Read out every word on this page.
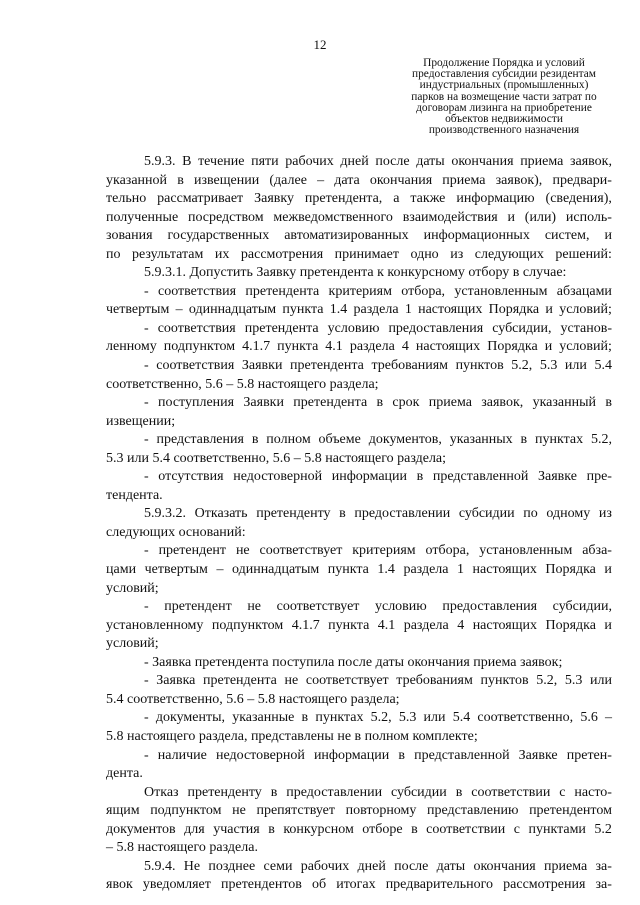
12
Продолжение Порядка и условий
предоставления субсидии резидентам
индустриальных (промышленных)
парков на возмещение части затрат по
договорам лизинга на приобретение
объектов недвижимости
производственного назначения
5.9.3. В течение пяти рабочих дней после даты окончания приема заявок,
указанной в извещении (далее – дата окончания приема заявок), предвари-
тельно рассматривает Заявку претендента, а также информацию (сведения),
полученные посредством межведомственного взаимодействия и (или) исполь-
зования государственных автоматизированных информационных систем, и
по результатам их рассмотрения принимает одно из следующих решений:
5.9.3.1. Допустить Заявку претендента к конкурсному отбору в случае:
- соответствия претендента критериям отбора, установленным абзацами
четвертым – одиннадцатым пункта 1.4 раздела 1 настоящих Порядка и условий;
- соответствия претендента условию предоставления субсидии, установ-
ленному подпунктом 4.1.7 пункта 4.1 раздела 4 настоящих Порядка и условий;
- соответствия Заявки претендента требованиям пунктов 5.2, 5.3 или 5.4
соответственно, 5.6 – 5.8 настоящего раздела;
- поступления Заявки претендента в срок приема заявок, указанный в
извещении;
- представления в полном объеме документов, указанных в пунктах 5.2,
5.3 или 5.4 соответственно, 5.6 – 5.8 настоящего раздела;
- отсутствия недостоверной информации в представленной Заявке пре-
тендента.
5.9.3.2. Отказать претенденту в предоставлении субсидии по одному из
следующих оснований:
- претендент не соответствует критериям отбора, установленным абза-
цами четвертым – одиннадцатым пункта 1.4 раздела 1 настоящих Порядка и
условий;
- претендент не соответствует условию предоставления субсидии,
установленному подпунктом 4.1.7 пункта 4.1 раздела 4 настоящих Порядка и
условий;
- Заявка претендента поступила после даты окончания приема заявок;
- Заявка претендента не соответствует требованиям пунктов 5.2, 5.3 или
5.4 соответственно, 5.6 – 5.8 настоящего раздела;
- документы, указанные в пунктах 5.2, 5.3 или 5.4 соответственно, 5.6 –
5.8 настоящего раздела, представлены не в полном комплекте;
- наличие недостоверной информации в представленной Заявке претен-
дента.
Отказ претенденту в предоставлении субсидии в соответствии с насто-
ящим подпунктом не препятствует повторному представлению претендентом
документов для участия в конкурсном отборе в соответствии с пунктами 5.2
– 5.8 настоящего раздела.
5.9.4. Не позднее семи рабочих дней после даты окончания приема за-
явок уведомляет претендентов об итогах предварительного рассмотрения за-
